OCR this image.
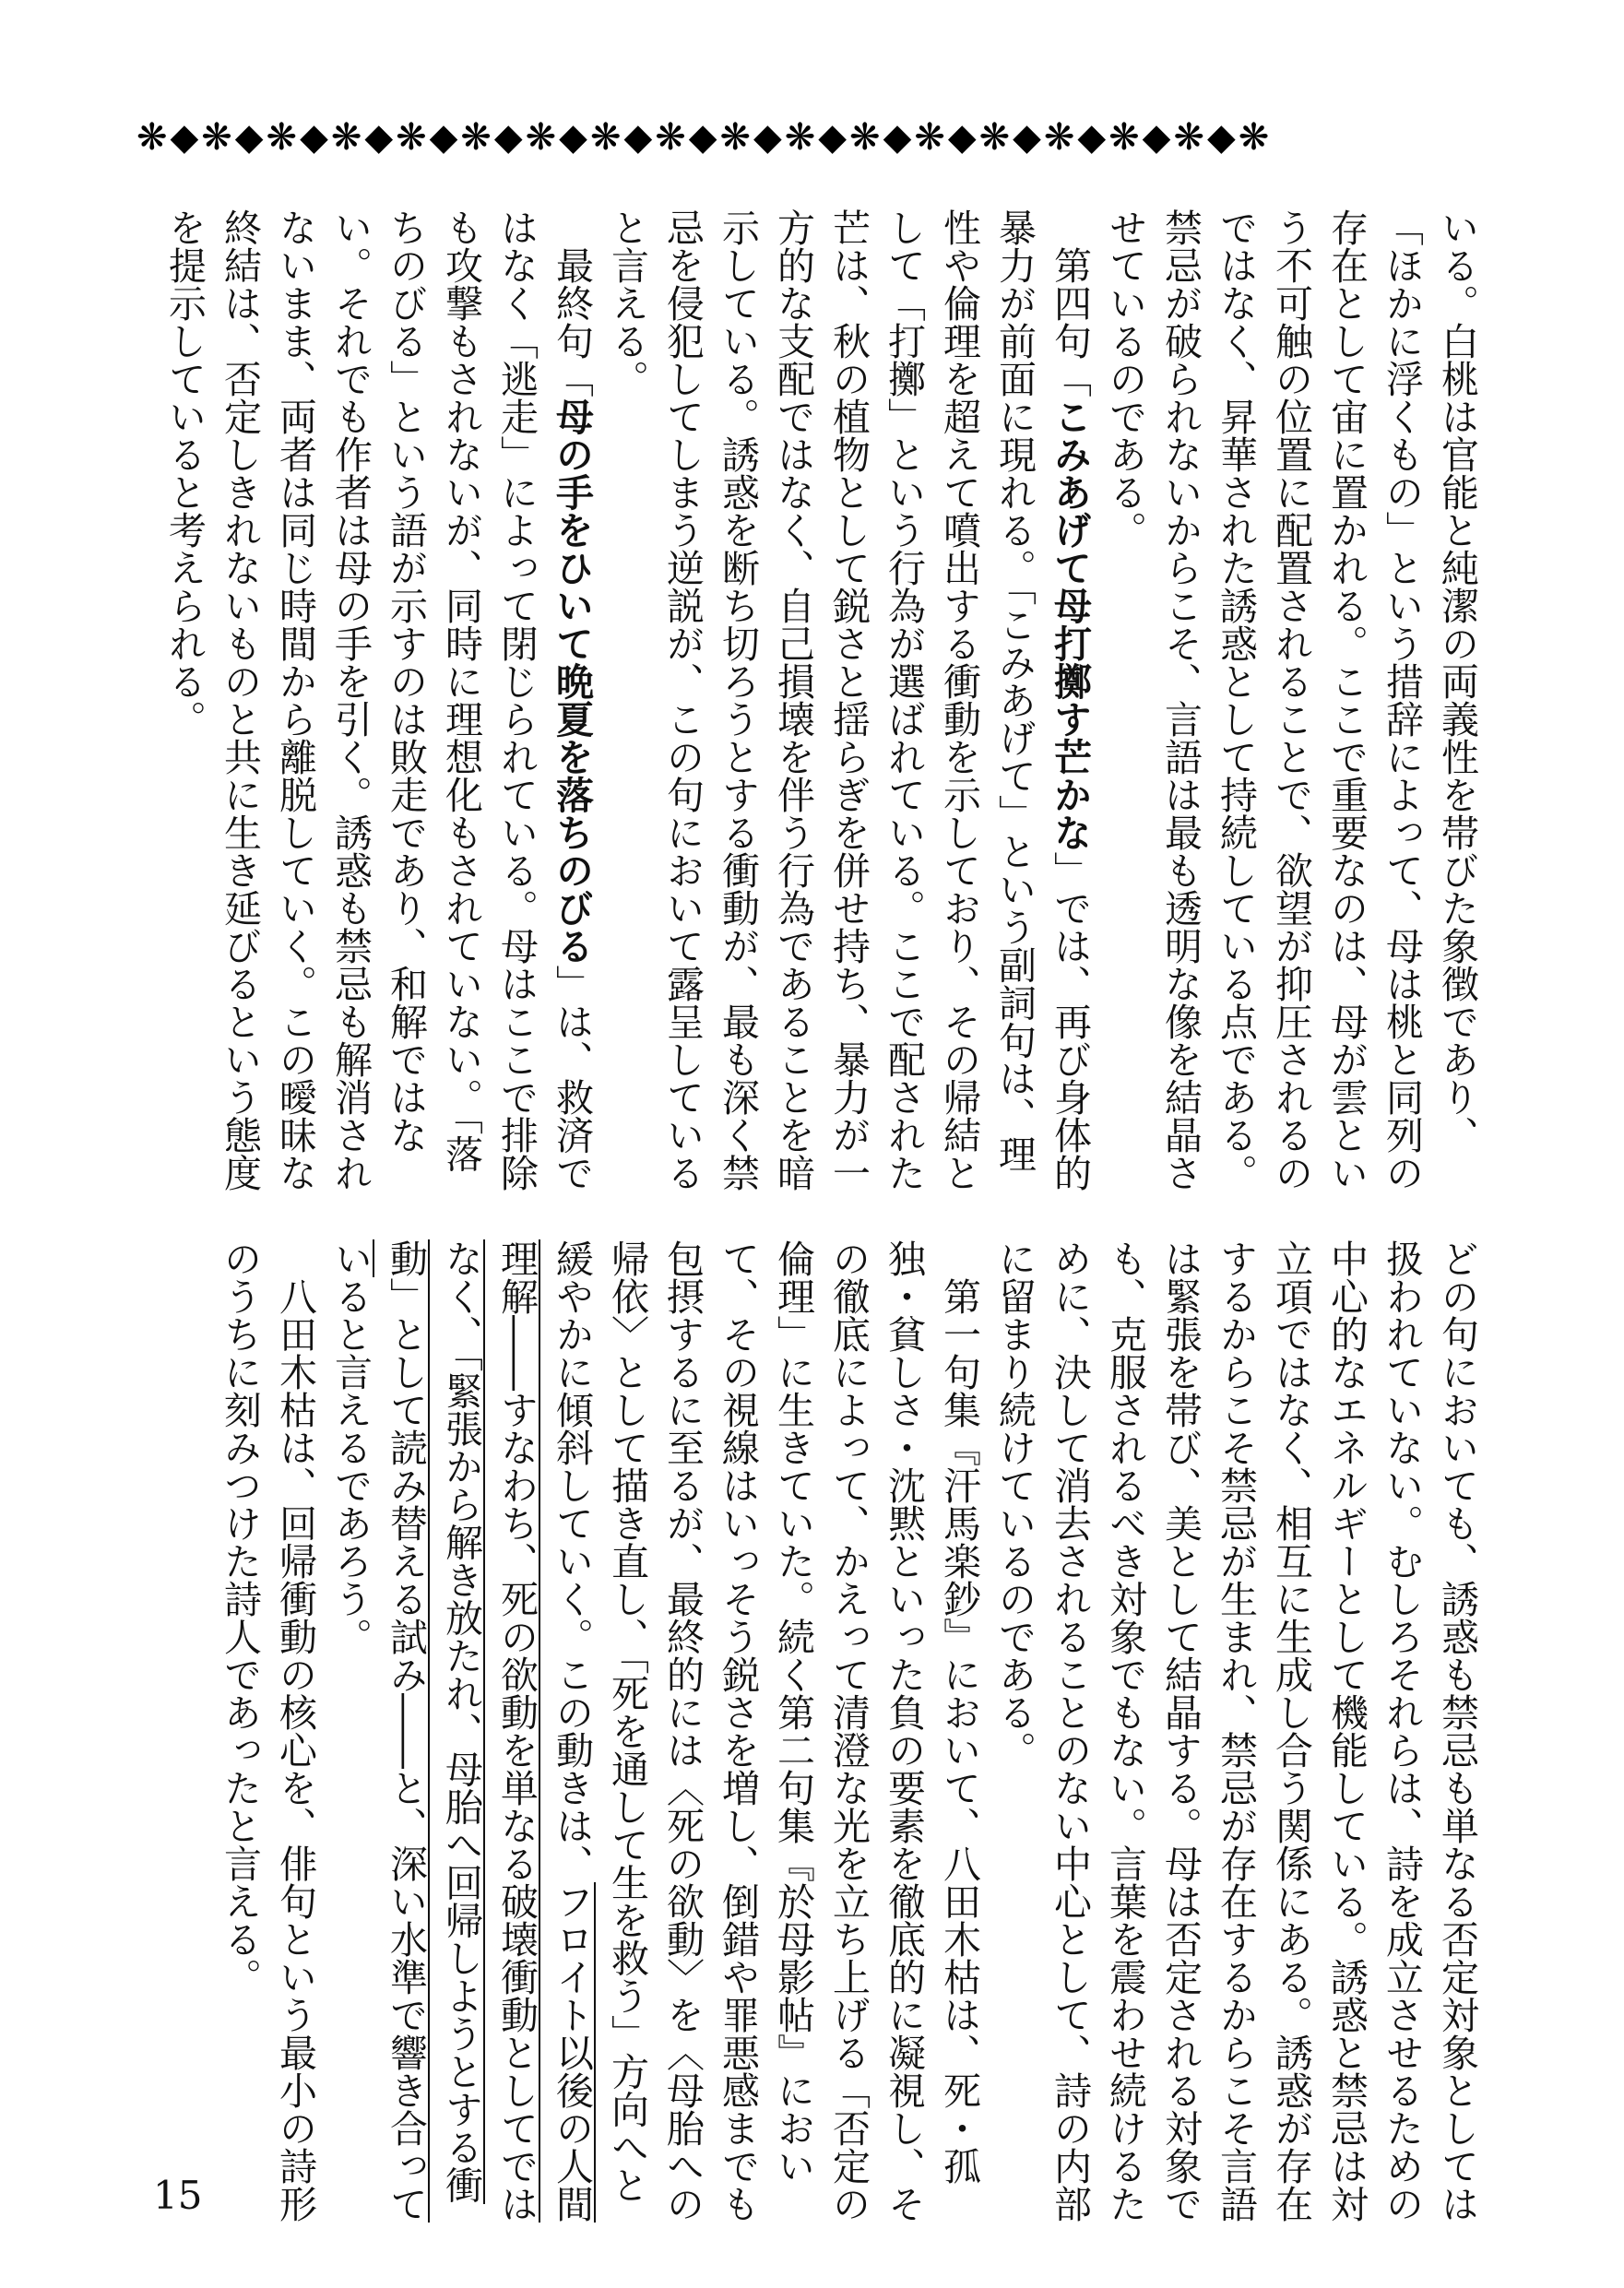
❋◆❋◆❋◆❋◆❋◆❋◆❋◆❋◆❋◆❋◆❋◆❋◆❋◆❋◆❋◆❋◆❋◆❋

いる。白桃は官能と純潔の両義性を帯びた象徴であり、「ほかに浮くもの」という措辞によって、母は桃と同列の存在として宙に置かれる。ここで重要なのは、母が雲という不可触の位置に配置されることで、欲望が抑圧されるのではなく、昇華された誘惑として持続している点である。禁忌が破られないからこそ、言語は最も透明な像を結晶させているのである。

　第四句「こみあげて母打擲す芒かな」では、再び身体的暴力が前面に現れる。「こみあげて」という副詞句は、理性や倫理を超えて噴出する衝動を示しており、その帰結として「打擲」という行為が選ばれている。ここで配された芒は、秋の植物として鋭さと揺らぎを併せ持ち、暴力が一方的な支配ではなく、自己損壊を伴う行為であることを暗示している。誘惑を断ち切ろうとする衝動が、最も深く禁忌を侵犯してしまう逆説が、この句において露呈していると言える。

　最終句「母の手をひいて晩夏を落ちのびる」は、救済ではなく「逃走」によって閉じられている。母はここで排除も攻撃もされないが、同時に理想化もされていない。「落ちのびる」という語が示すのは敗走であり、和解ではない。それでも作者は母の手を引く。誘惑も禁忌も解消されないまま、両者は同じ時間から離脱していく。この曖昧な終結は、否定しきれないものと共に生き延びるという態度を提示していると考えられる。

どの句においても、誘惑も禁忌も単なる否定対象としては扱われていない。むしろそれらは、詩を成立させるための中心的なエネルギーとして機能している。誘惑と禁忌は対立項ではなく、相互に生成し合う関係にある。誘惑が存在するからこそ禁忌が生まれ、禁忌が存在するからこそ言語は緊張を帯び、美として結晶する。母は否定される対象でも、克服されるべき対象でもない。言葉を震わせ続けるために、決して消去されることのない中心として、詩の内部に留まり続けているのである。

　第一句集『汗馬楽鈔』において、八田木枯は、死・孤独・貧しさ・沈黙といった負の要素を徹底的に凝視し、その徹底によって、かえって清澄な光を立ち上げる「否定の倫理」に生きていた。続く第二句集『於母影帖』において、その視線はいっそう鋭さを増し、倒錯や罪悪感までも包摂するに至るが、最終的には〈死の欲動〉を〈母胎への帰依〉として描き直し、「死を通して生を救う」方向へと緩やかに傾斜していく。この動きは、フロイト以後の人間理解――すなわち、死の欲動を単なる破壊衝動としてではなく、「緊張から解き放たれ、母胎へ回帰しようとする衝動」として読み替える試み――と、深い水準で響き合っていると言えるであろう。

　八田木枯は、回帰衝動の核心を、俳句という最小の詩形のうちに刻みつけた詩人であったと言える。

15
